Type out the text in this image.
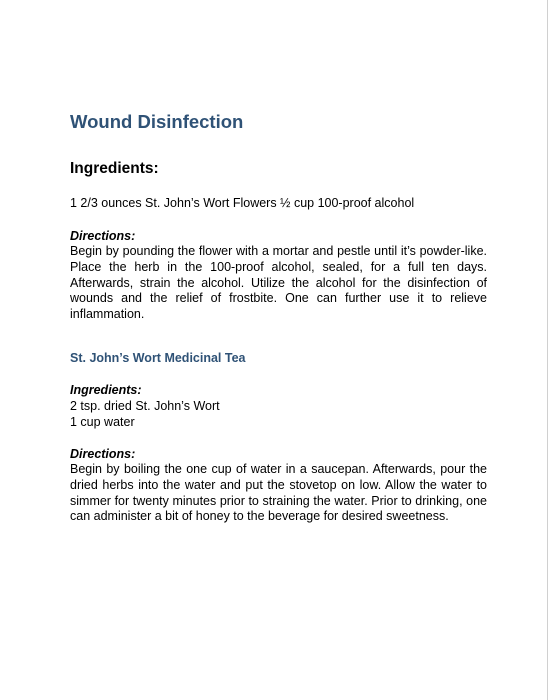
Wound Disinfection
Ingredients:

1 2/3 ounces St. John’s Wort Flowers ½ cup 100-proof alcohol

Directions:

Begin by pounding the flower with a mortar and pestle until it’s powder-like. Place the herb in the 100-proof alcohol, sealed, for a full ten days. Afterwards, strain the alcohol. Utilize the alcohol for the disinfection of wounds and the relief of frostbite. One can further use it to relieve inflammation.

St. John’s Wort Medicinal Tea

Ingredients:

2 tsp. dried St. John’s Wort

1 cup water

Directions:

Begin by boiling the one cup of water in a saucepan. Afterwards, pour the dried herbs into the water and put the stovetop on low. Allow the water to simmer for twenty minutes prior to straining the water. Prior to drinking, one can administer a bit of honey to the beverage for desired sweetness.
